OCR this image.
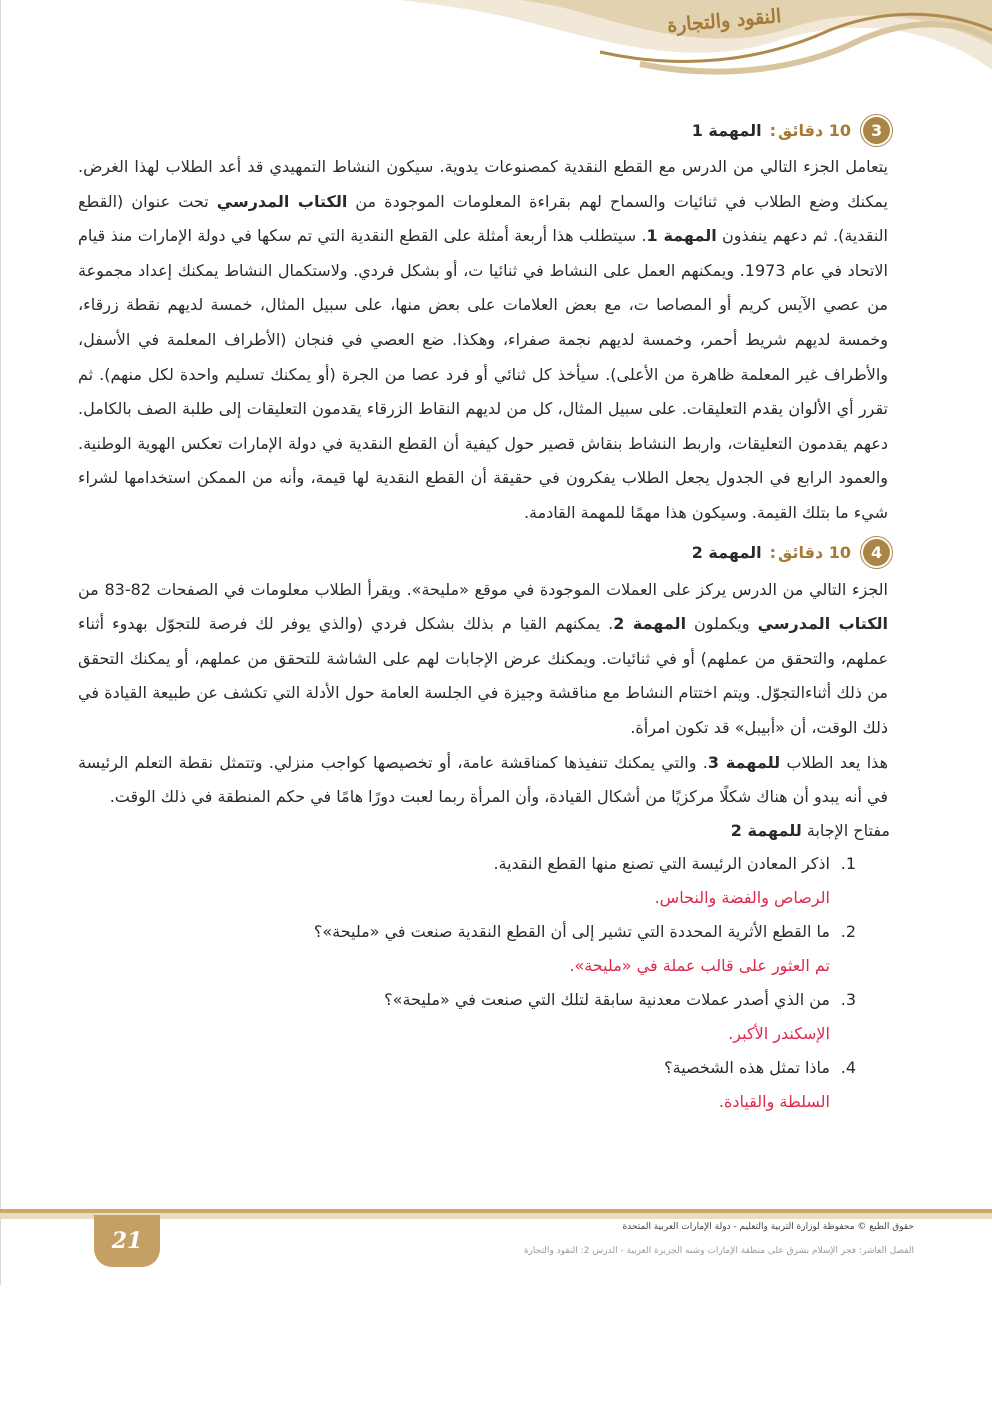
النقود والتجارة
3
10 دقائق
:
المهمة 1

يتعامل الجزء التالي من الدرس مع القطع النقدية كمصنوعات يدوية. سيكون النشاط التمهيدي قد أعد الطلاب لهذا الغرض. يمكنك وضع الطلاب في ثنائيات والسماح لهم بقراءة المعلومات الموجودة من الكتاب المدرسي تحت عنوان (القطع النقدية). ثم دعهم ينفذون المهمة 1. سيتطلب هذا أربعة أمثلة على القطع النقدية التي تم سكها في دولة الإمارات منذ قيام الاتحاد في عام 1973. ويمكنهم العمل على النشاط في ثنائيا ت، أو بشكل فردي. ولاستكمال النشاط يمكنك إعداد مجموعة من عصي الآيس كريم أو المصاصا ت، مع بعض العلامات على بعض منها، على سبيل المثال، خمسة لديهم نقطة زرقاء، وخمسة لديهم شريط أحمر، وخمسة لديهم نجمة صفراء، وهكذا. ضع العصي في فنجان (الأطراف المعلمة في الأسفل، والأطراف غير المعلمة ظاهرة من الأعلى). سيأخذ كل ثنائي أو فرد عصا من الجرة (أو يمكنك تسليم واحدة لكل منهم). ثم تقرر أي الألوان يقدم التعليقات. على سبيل المثال، كل من لديهم النقاط الزرقاء يقدمون التعليقات إلى طلبة الصف بالكامل. دعهم يقدمون التعليقات، واربط النشاط بنقاش قصير حول كيفية أن القطع النقدية في دولة الإمارات تعكس الهوية الوطنية. والعمود الرابع في الجدول يجعل الطلاب يفكرون في حقيقة أن القطع النقدية لها قيمة، وأنه من الممكن استخدامها لشراء شيء ما بتلك القيمة. وسيكون هذا مهمًا للمهمة القادمة.

4
10 دقائق
:
المهمة 2

الجزء التالي من الدرس يركز على العملات الموجودة في موقع «مليحة». ويقرأ الطلاب معلومات في الصفحات 82-83 من الكتاب المدرسي ويكملون المهمة 2. يمكنهم القيا م بذلك بشكل فردي (والذي يوفر لك فرصة للتجوّل بهدوء أثناء عملهم، والتحقق من عملهم) أو في ثنائيات. ويمكنك عرض الإجابات لهم على الشاشة للتحقق من عملهم، أو يمكنك التحقق من ذلك أثناءالتجوّل. ويتم اختتام النشاط مع مناقشة وجيزة في الجلسة العامة حول الأدلة التي تكشف عن طبيعة القيادة في ذلك الوقت، أن «أبيبل» قد تكون امرأة.

هذا يعد الطلاب للمهمة 3. والتي يمكنك تنفيذها كمناقشة عامة، أو تخصيصها كواجب منزلي. وتتمثل نقطة التعلم الرئيسة في أنه يبدو أن هناك شكلًا مركزيًا من أشكال القيادة، وأن المرأة ربما لعبت دورًا هامًا في حكم المنطقة في ذلك الوقت.

مفتاح الإجابة للمهمة 2
1.
اذكر المعادن الرئيسة التي تصنع منها القطع النقدية.
الرصاص والفضة والنحاس.
2.
ما القطع الأثرية المحددة التي تشير إلى أن القطع النقدية صنعت في «مليحة»؟
تم العثور على قالب عملة في «مليحة».
3.
من الذي أصدر عملات معدنية سابقة لتلك التي صنعت في «مليحة»؟
الإسكندر الأكبر.
4.
ماذا تمثل هذه الشخصية؟
السلطة والقيادة.
21
حقوق الطبع © محفوظة لوزارة التربية والتعليم - دولة الإمارات العربية المتحدة
الفصل العاشر: فجر الإسلام بشرق على منطقة الإمارات وشبه الجزيرة العربية - الدرس 2: النقود والتجارة
